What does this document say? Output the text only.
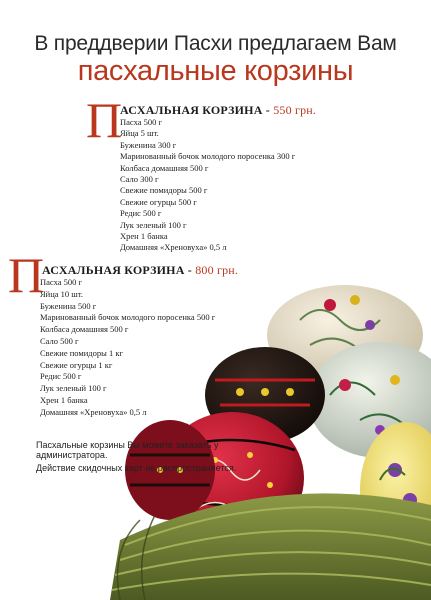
В преддверии Пасхи предлагаем Вам
пасхальные корзины
П
АСХАЛЬНАЯ КОРЗИНА - 550 грн.
Пасха 500 г
Яйца 5 шт.
Буженина 300 г
Маринованный бочок молодого поросенка 300 г
Колбаса домашняя 500 г
Сало 300 г
Свежие помидоры 500 г
Свежие огурцы 500 г
Редис 500 г
Лук зеленый 100 г
Хрен 1 банка
Домашняя «Хреновуха» 0,5 л
П
АСХАЛЬНАЯ КОРЗИНА - 800 грн.
Пасха 500 г
Яйца 10 шт.
Буженина 500 г
Маринованный бочок молодого поросенка 500 г
Колбаса домашняя 500 г
Сало 500 г
Свежие помидоры 1 кг
Свежие огурцы 1 кг
Редис 500 г
Лук зеленый 100 г
Хрен 1 банка
Домашняя «Хреновуха» 0,5 л
Пасхальные корзины Вы можете заказать у администратора.
Действие скидочных карт не распространяется.
